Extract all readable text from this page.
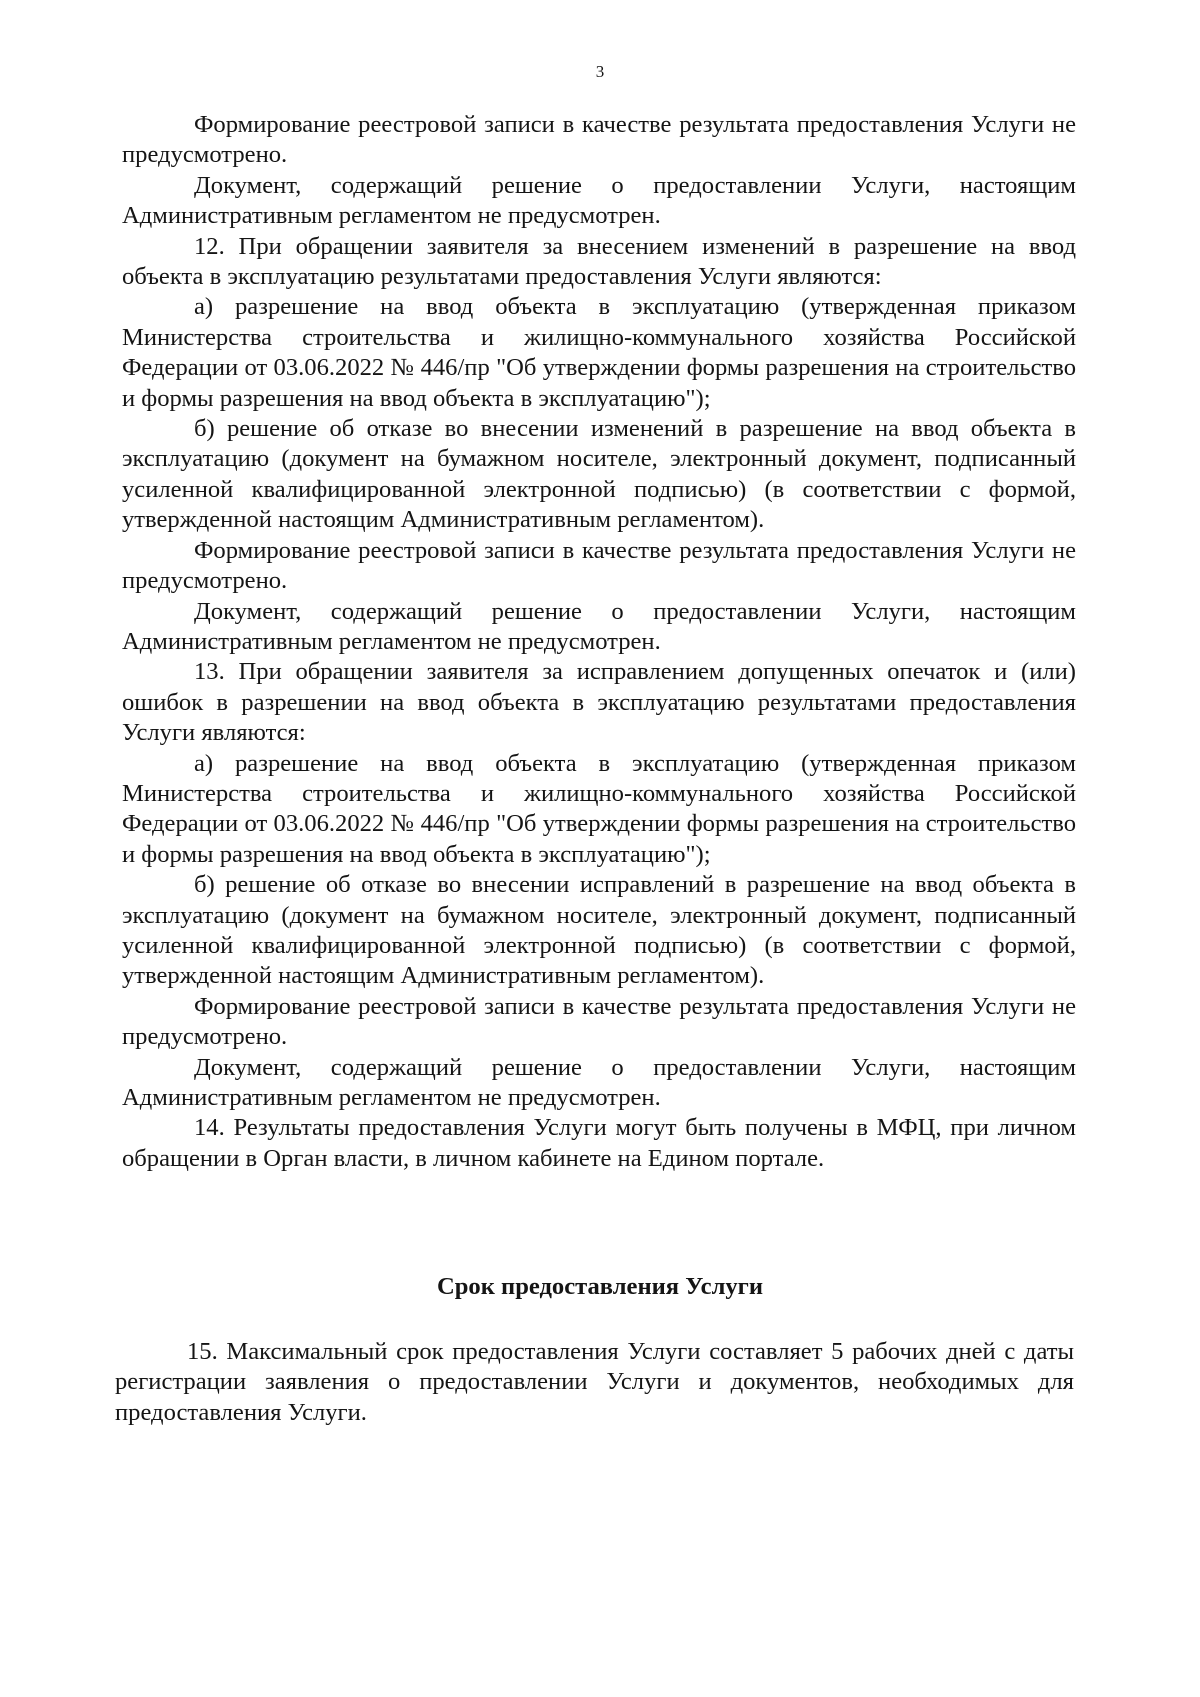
3

Формирование реестровой записи в качестве результата предоставления Услуги не предусмотрено.

Документ, содержащий решение о предоставлении Услуги, настоящим Административным регламентом не предусмотрен.

12. При обращении заявителя за внесением изменений в разрешение на ввод объекта в эксплуатацию результатами предоставления Услуги являются:

а) разрешение на ввод объекта в эксплуатацию (утвержденная приказом Министерства строительства и жилищно-коммунального хозяйства Российской Федерации от 03.06.2022 № 446/пр "Об утверждении формы разрешения на строительство и формы разрешения на ввод объекта в эксплуатацию");

б) решение об отказе во внесении изменений в разрешение на ввод объекта в эксплуатацию (документ на бумажном носителе, электронный документ, подписанный усиленной квалифицированной электронной подписью) (в соответствии с формой, утвержденной настоящим Административным регламентом).

Формирование реестровой записи в качестве результата предоставления Услуги не предусмотрено.

Документ, содержащий решение о предоставлении Услуги, настоящим Административным регламентом не предусмотрен.

13. При обращении заявителя за исправлением допущенных опечаток и (или) ошибок в разрешении на ввод объекта в эксплуатацию результатами предоставления Услуги являются:

а) разрешение на ввод объекта в эксплуатацию (утвержденная приказом Министерства строительства и жилищно-коммунального хозяйства Российской Федерации от 03.06.2022 № 446/пр "Об утверждении формы разрешения на строительство и формы разрешения на ввод объекта в эксплуатацию");

б) решение об отказе во внесении исправлений в разрешение на ввод объекта в эксплуатацию (документ на бумажном носителе, электронный документ, подписанный усиленной квалифицированной электронной подписью) (в соответствии с формой, утвержденной настоящим Административным регламентом).

Формирование реестровой записи в качестве результата предоставления Услуги не предусмотрено.

Документ, содержащий решение о предоставлении Услуги, настоящим Административным регламентом не предусмотрен.

14. Результаты предоставления Услуги могут быть получены в МФЦ, при личном обращении в Орган власти, в личном кабинете на Едином портале.

Срок предоставления Услуги

15. Максимальный срок предоставления Услуги составляет 5 рабочих дней с даты регистрации заявления о предоставлении Услуги и документов, необходимых для предоставления Услуги.
